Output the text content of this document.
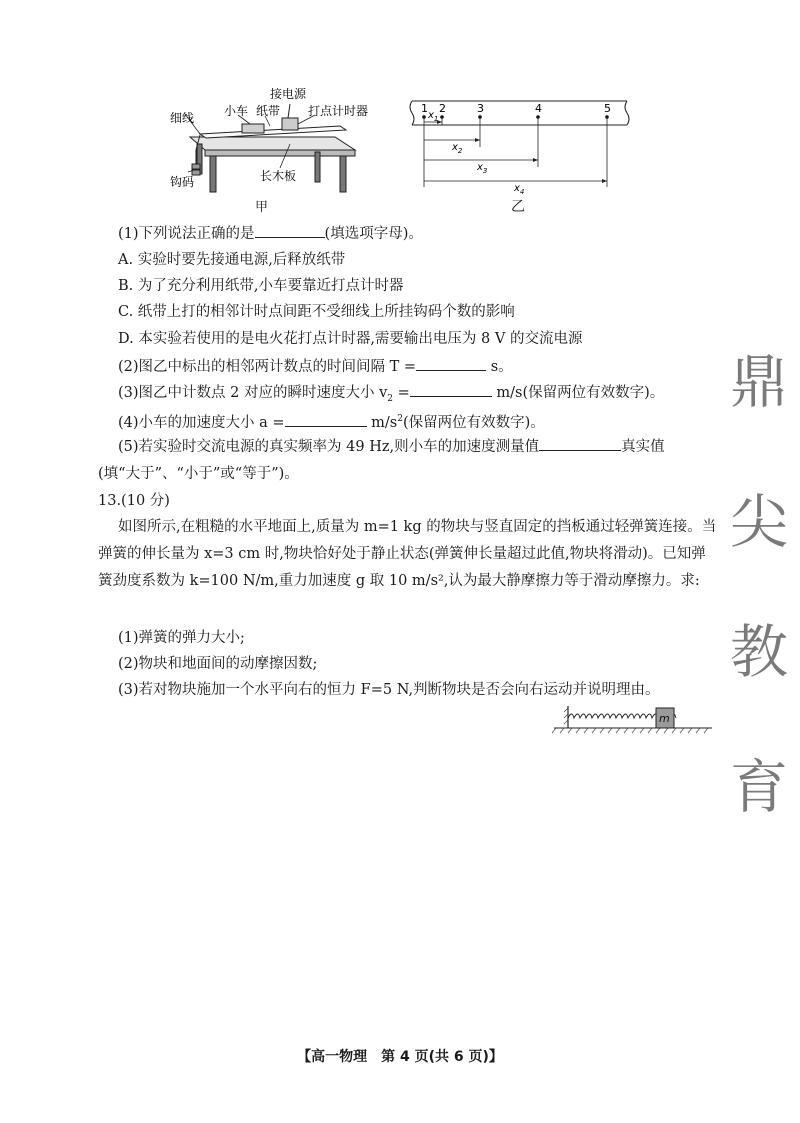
接电源
小车 纸带 打点计时器
细线
钩码	长木板
甲
1 2	3	4	5
$x_1$
$x_2$
$x_3$
$x_4$
乙
(1)下列说法正确的是	(填选项字母)。
A. 实验时要先接通电源,后释放纸带
B. 为了充分利用纸带,小车要靠近打点计时器
C. 纸带上打的相邻计时点间距不受细线上所挂钩码个数的影响
D. 本实验若使用的是电火花打点计时器,需要输出电压为 8 V 的交流电源
(2)图乙中标出的相邻两计数点的时间间隔 T =	s。
(3)图乙中计数点 2 对应的瞬时速度大小 $v_2$ =	m/s(保留两位有效数字)。
(4)小车的加速度大小 a =	$m/s^2$(保留两位有效数字)。
(5)若实验时交流电源的真实频率为 49 Hz,则小车的加速度测量值	真实值
(填“大于”、“小于”或“等于”)。
13.(10 分)
如图所示,在粗糙的水平地面上,质量为 m=1 kg 的物块与竖直固定的挡板通过轻弹簧连接。当弹簧的伸长量为 x=3 cm 时,物块恰好处于静止状态(弹簧伸长量超过此值,物块将滑动)。已知弹簧劲度系数为 k=100 N/m,重力加速度 g 取 10 m/s²,认为最大静摩擦力等于滑动摩擦力。求:
(1)弹簧的弹力大小;
(2)物块和地面间的动摩擦因数;
(3)若对物块施加一个水平向右的恒力 F=5 N,判断物块是否会向右运动并说明理由。
m
鼎
尖
教
育
【高一物理　第 4 页(共 6 页)】
